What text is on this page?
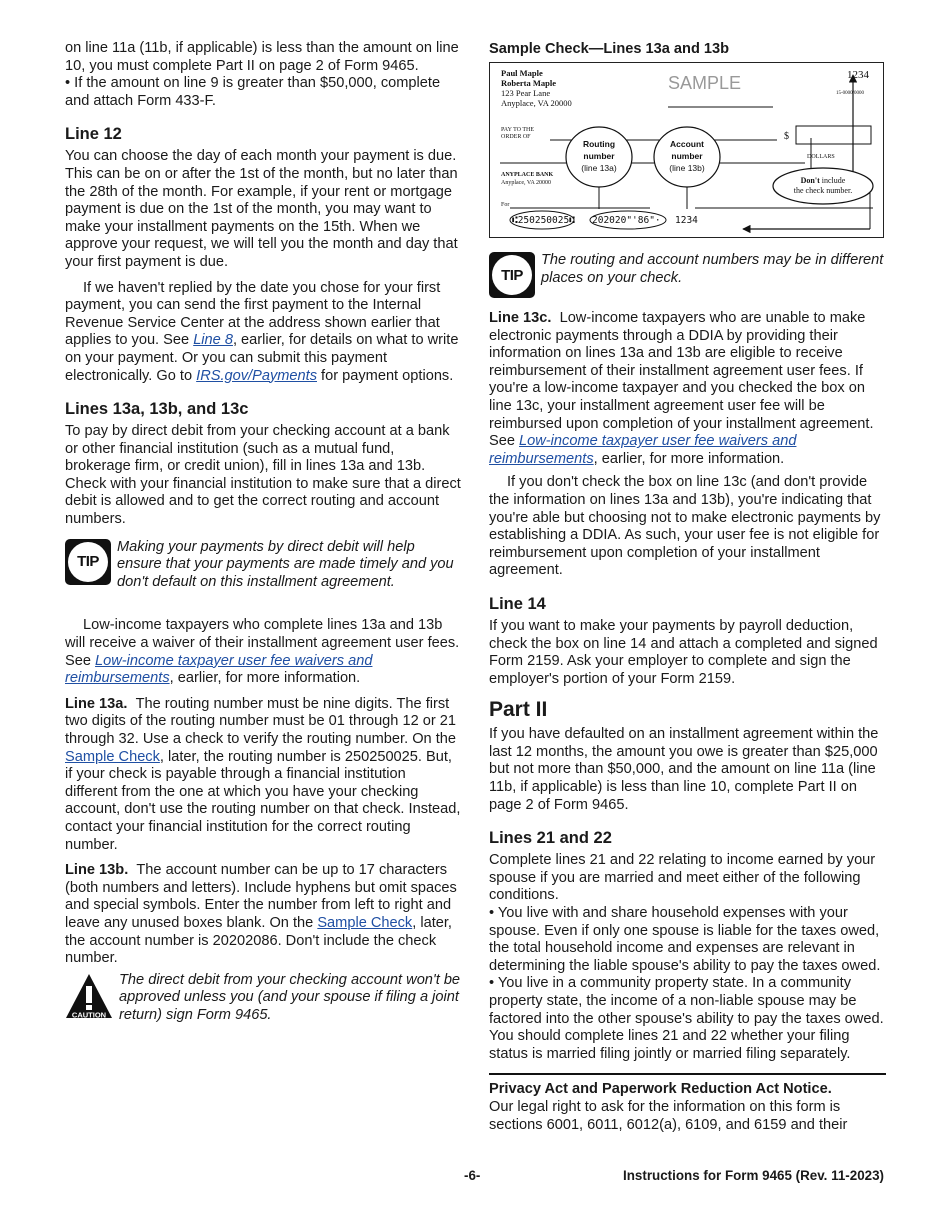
on line 11a (11b, if applicable) is less than the amount on line 10, you must complete Part II on page 2 of Form 9465.

• If the amount on line 9 is greater than $50,000, complete and attach Form 433-F.

Line 12

You can choose the day of each month your payment is due. This can be on or after the 1st of the month, but no later than the 28th of the month. For example, if your rent or mortgage payment is due on the 1st of the month, you may want to make your installment payments on the 15th. When we approve your request, we will tell you the month and day that your first payment is due.

If we haven't replied by the date you chose for your first payment, you can send the first payment to the Internal Revenue Service Center at the address shown earlier that applies to you. See Line 8, earlier, for details on what to write on your payment. Or you can submit this payment electronically. Go to IRS.gov/Payments for payment options.

Lines 13a, 13b, and 13c

To pay by direct debit from your checking account at a bank or other financial institution (such as a mutual fund, brokerage firm, or credit union), fill in lines 13a and 13b. Check with your financial institution to make sure that a direct debit is allowed and to get the correct routing and account numbers.

TIP

Making your payments by direct debit will help ensure that your payments are made timely and you don't default on this installment agreement.

Low-income taxpayers who complete lines 13a and 13b will receive a waiver of their installment agreement user fees. See Low-income taxpayer user fee waivers and reimbursements, earlier, for more information.

Line 13a. The routing number must be nine digits. The first two digits of the routing number must be 01 through 12 or 21 through 32. Use a check to verify the routing number. On the Sample Check, later, the routing number is 250250025. But, if your check is payable through a financial institution different from the one at which you have your checking account, don't use the routing number on that check. Instead, contact your financial institution for the correct routing number.

Line 13b. The account number can be up to 17 characters (both numbers and letters). Include hyphens but omit spaces and special symbols. Enter the number from left to right and leave any unused boxes blank. On the Sample Check, later, the account number is 20202086. Don't include the check number.

CAUTION

The direct debit from your checking account won't be approved unless you (and your spouse if filing a joint return) sign Form 9465.

Sample Check—Lines 13a and 13b
Paul Maple
Roberta Maple
123 Pear Lane
Anyplace, VA 20000
1234
15-0000/0000
PAY TO THE
ORDER OF	$
DOLLARS
ANYPLACE BANK
Anyplace, VA 20000
For
SAMPLE
Routing
number
(line 13a)
Account
number
(line 13b)
Don't include
the check number.
⑆250250025⑆ 202020"'86"· 1234
TIP

The routing and account numbers may be in different places on your check.

Line 13c. Low-income taxpayers who are unable to make electronic payments through a DDIA by providing their information on lines 13a and 13b are eligible to receive reimbursement of their installment agreement user fees. If you're a low-income taxpayer and you checked the box on line 13c, your installment agreement user fee will be reimbursed upon completion of your installment agreement. See Low-income taxpayer user fee waivers and reimbursements, earlier, for more information.

If you don't check the box on line 13c (and don't provide the information on lines 13a and 13b), you're indicating that you're able but choosing not to make electronic payments by establishing a DDIA. As such, your user fee is not eligible for reimbursement upon completion of your installment agreement.

Line 14

If you want to make your payments by payroll deduction, check the box on line 14 and attach a completed and signed Form 2159. Ask your employer to complete and sign the employer's portion of your Form 2159.

Part II

If you have defaulted on an installment agreement within the last 12 months, the amount you owe is greater than $25,000 but not more than $50,000, and the amount on line 11a (line 11b, if applicable) is less than line 10, complete Part II on page 2 of Form 9465.

Lines 21 and 22

Complete lines 21 and 22 relating to income earned by your spouse if you are married and meet either of the following conditions.

• You live with and share household expenses with your spouse. Even if only one spouse is liable for the taxes owed, the total household income and expenses are relevant in determining the liable spouse's ability to pay the taxes owed.

• You live in a community property state. In a community property state, the income of a non-liable spouse may be factored into the other spouse's ability to pay the taxes owed.

You should complete lines 21 and 22 whether your filing status is married filing jointly or married filing separately.

Privacy Act and Paperwork Reduction Act Notice.

Our legal right to ask for the information on this form is sections 6001, 6011, 6012(a), 6109, and 6159 and their

-6-	Instructions for Form 9465 (Rev. 11-2023)
